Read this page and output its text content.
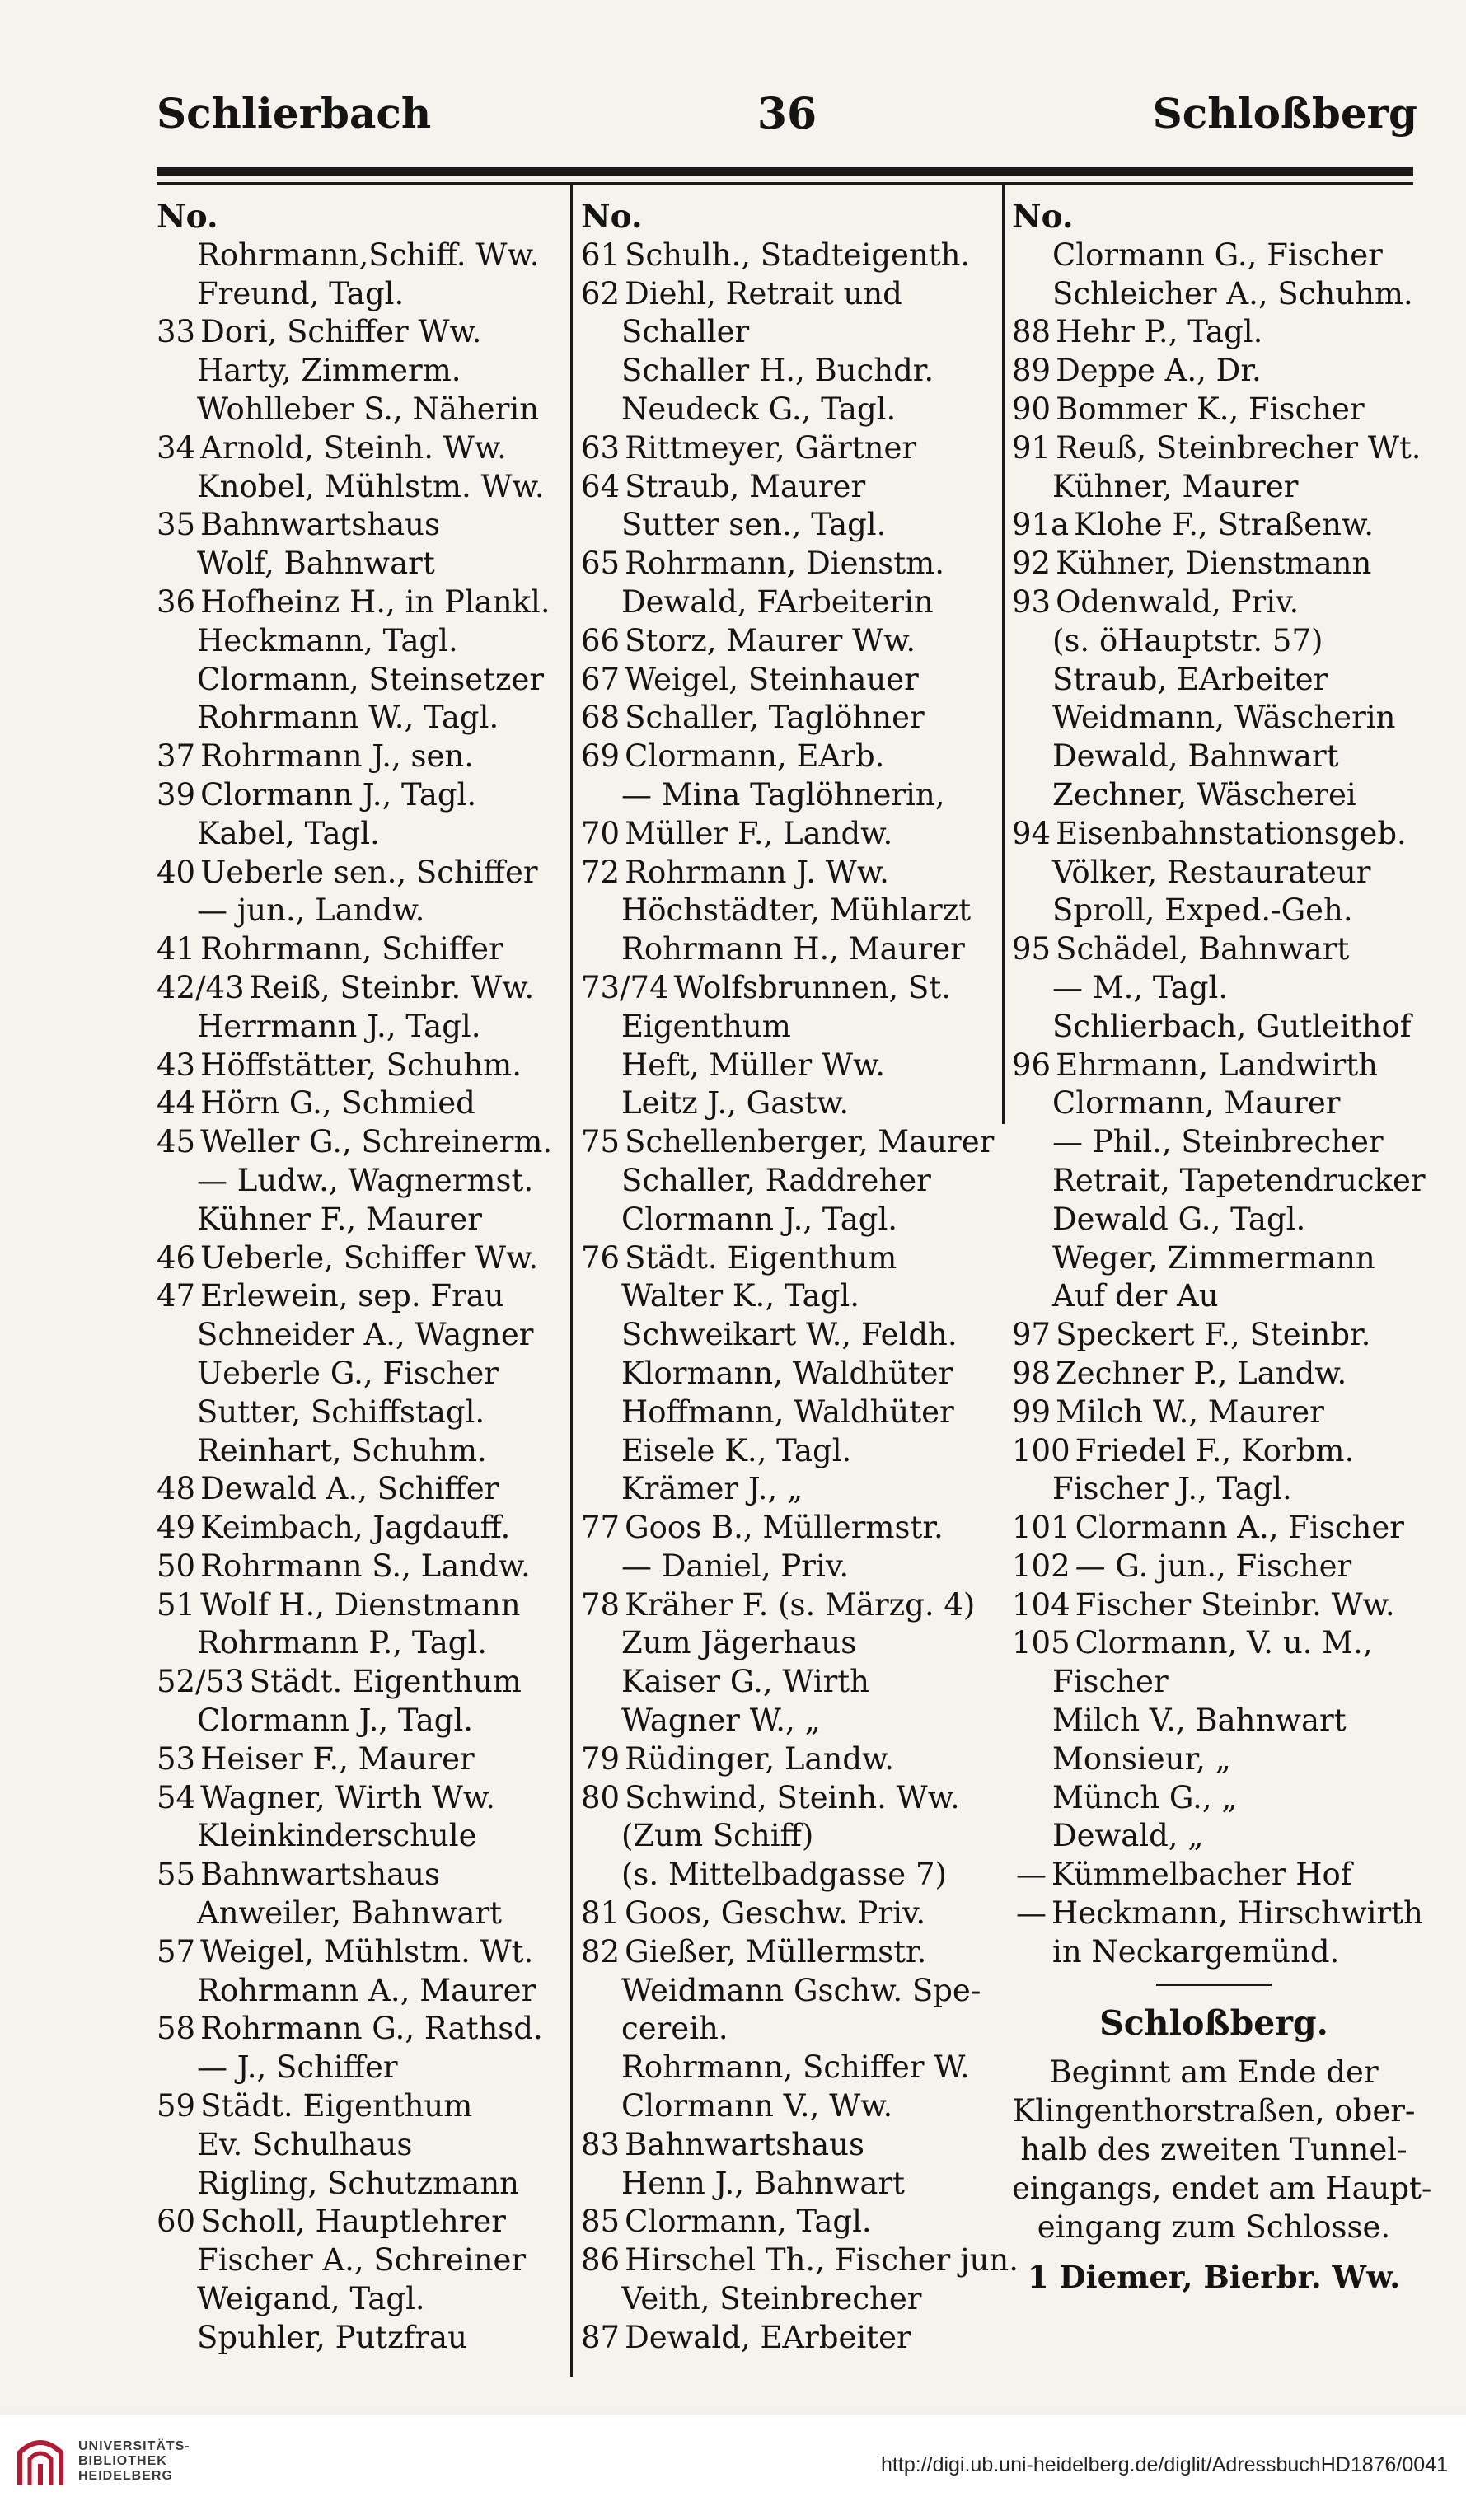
Schlierbach	36	Schloßberg
No.
Rohrmann,Schiff. Ww.
Freund, Tagl.
33 Dori, Schiffer Ww.
Harty, Zimmerm.
Wohlleber S., Näherin
34 Arnold, Steinh. Ww.
Knobel, Mühlstm. Ww.
35 Bahnwartshaus
Wolf, Bahnwart
36 Hofheinz H., in Plankl.
Heckmann, Tagl.
Clormann, Steinsetzer
Rohrmann W., Tagl.
37 Rohrmann J., sen.
39 Clormann J., Tagl.
Kabel, Tagl.
40 Ueberle sen., Schiffer
— jun., Landw.
41 Rohrmann, Schiffer
42/43 Reiß, Steinbr. Ww.
Herrmann J., Tagl.
43 Höffstätter, Schuhm.
44 Hörn G., Schmied
45 Weller G., Schreinerm.
— Ludw., Wagnermst.
Kühner F., Maurer
46 Ueberle, Schiffer Ww.
47 Erlewein, sep. Frau
Schneider A., Wagner
Ueberle G., Fischer
Sutter, Schiffstagl.
Reinhart, Schuhm.
48 Dewald A., Schiffer
49 Keimbach, Jagdauff.
50 Rohrmann S., Landw.
51 Wolf H., Dienstmann
Rohrmann P., Tagl.
52/53 Städt. Eigenthum
Clormann J., Tagl.
53 Heiser F., Maurer
54 Wagner, Wirth Ww.
Kleinkinderschule
55 Bahnwartshaus
Anweiler, Bahnwart
57 Weigel, Mühlstm. Wt.
Rohrmann A., Maurer
58 Rohrmann G., Rathsd.
— J., Schiffer
59 Städt. Eigenthum
Ev. Schulhaus
Rigling, Schutzmann
60 Scholl, Hauptlehrer
Fischer A., Schreiner
Weigand, Tagl.
Spuhler, Putzfrau
No.
61 Schulh., Stadteigenth.
62 Diehl, Retrait und
Schaller
Schaller H., Buchdr.
Neudeck G., Tagl.
63 Rittmeyer, Gärtner
64 Straub, Maurer
Sutter sen., Tagl.
65 Rohrmann, Dienstm.
Dewald, FArbeiterin
66 Storz, Maurer Ww.
67 Weigel, Steinhauer
68 Schaller, Taglöhner
69 Clormann, EArb.
— Mina Taglöhnerin,
70 Müller F., Landw.
72 Rohrmann J. Ww.
Höchstädter, Mühlarzt
Rohrmann H., Maurer
73/74 Wolfsbrunnen, St.
Eigenthum
Heft, Müller Ww.
Leitz J., Gastw.
75 Schellenberger, Maurer
Schaller, Raddreher
Clormann J., Tagl.
76 Städt. Eigenthum
Walter K., Tagl.
Schweikart W., Feldh.
Klormann, Waldhüter
Hoffmann, Waldhüter
Eisele K., Tagl.
Krämer J., „
77 Goos B., Müllermstr.
— Daniel, Priv.
78 Kräher F. (s. Märzg. 4)
Zum Jägerhaus
Kaiser G., Wirth
Wagner W., „
79 Rüdinger, Landw.
80 Schwind, Steinh. Ww.
(Zum Schiff)
(s. Mittelbadgasse 7)
81 Goos, Geschw. Priv.
82 Gießer, Müllermstr.
Weidmann Gschw. Spe-
cereih.
Rohrmann, Schiffer W.
Clormann V., Ww.
83 Bahnwartshaus
Henn J., Bahnwart
85 Clormann, Tagl.
86 Hirschel Th., Fischer jun.
Veith, Steinbrecher
87 Dewald, EArbeiter
No.
Clormann G., Fischer
Schleicher A., Schuhm.
88 Hehr P., Tagl.
89 Deppe A., Dr.
90 Bommer K., Fischer
91 Reuß, Steinbrecher Wt.
Kühner, Maurer
91a Klohe F., Straßenw.
92 Kühner, Dienstmann
93 Odenwald, Priv.
(s. öHauptstr. 57)
Straub, EArbeiter
Weidmann, Wäscherin
Dewald, Bahnwart
Zechner, Wäscherei
94 Eisenbahnstationsgeb.
Völker, Restaurateur
Sproll, Exped.-Geh.
95 Schädel, Bahnwart
— M., Tagl.
Schlierbach, Gutleithof
96 Ehrmann, Landwirth
Clormann, Maurer
— Phil., Steinbrecher
Retrait, Tapetendrucker
Dewald G., Tagl.
Weger, Zimmermann
Auf der Au
97 Speckert F., Steinbr.
98 Zechner P., Landw.
99 Milch W., Maurer
100 Friedel F., Korbm.
Fischer J., Tagl.
101 Clormann A., Fischer
102 — G. jun., Fischer
104 Fischer Steinbr. Ww.
105 Clormann, V. u. M.,
Fischer
Milch V., Bahnwart
Monsieur, „
Münch G., „
Dewald, „
— Kümmelbacher Hof
— Heckmann, Hirschwirth
in Neckargemünd.
Schloßberg.
Beginnt am Ende der
Klingenthorstraßen, ober-
halb des zweiten Tunnel-
eingangs, endet am Haupt-
eingang zum Schlosse.
1 Diemer, Bierbr. Ww.
UNIVERSITÄTS-
BIBLIOTHEK
HEIDELBERG	http://digi.ub.uni-heidelberg.de/diglit/AdressbuchHD1876/0041
